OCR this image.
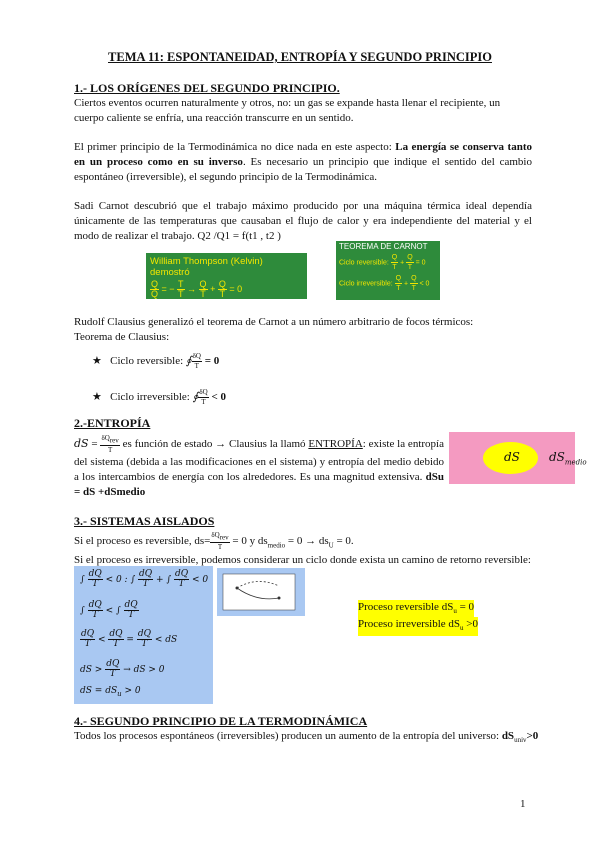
TEMA 11: ESPONTANEIDAD, ENTROPÍA Y SEGUNDO PRINCIPIO
1.- LOS ORÍGENES DEL SEGUNDO PRINCIPIO.
Ciertos eventos ocurren naturalmente y otros, no: un gas se expande hasta llenar el recipiente, un cuerpo caliente se enfría, una reacción transcurre en un sentido.
El primer principio de la Termodinámica no dice nada en este aspecto: La energía se conserva tanto en un proceso como en su inverso. Es necesario un principio que indique el sentido del cambio espontáneo (irreversible), el segundo principio de la Termodinámica.
Sadi Carnot descubrió que el trabajo máximo producido por una máquina térmica ideal dependía únicamente de las temperaturas que causaban el flujo de calor y era independiente del material y el modo de realizar el trabajo. Q2 /Q1 = f(t1 , t2 )
William Thompson (Kelvin) demostró
$\frac{Q}{Q}$ = − $\frac{T}{T} \to \frac{Q}{T} + \frac{Q}{T} = 0$
TEOREMA DE CARNOT
Ciclo reversible: $\frac{Q}{T} + \frac{Q}{T} = 0$
Ciclo irreversible: $\frac{Q}{T} + \frac{Q}{T} < 0$
Rudolf Clausius generalizó el teorema de Carnot a un número arbitrario de focos térmicos:
Teorema de Clausius:
★ Ciclo reversible: ∮ $\frac{\delta Q}{T} = 0$
★ Ciclo irreversible: ∮ $\frac{\delta Q}{T} < 0$
2.-ENTROPÍA
dS = $\frac{\delta Q_{rev}}{T}$ es función de estado → Clausius la llamó ENTROPÍA: existe la entropía del sistema (debida a las modificaciones en el sistema) y entropía del medio debido a los intercambios de energía con los alrededores. Es una magnitud extensiva. dSu = dS +dSmedio
dS $dS_{medio}$
3.- SISTEMAS AISLADOS
Si el proceso es reversible, $ds= \frac{\delta Q_{rev}}{T} = 0$ y $ds_{medio} = 0 \to ds_U = 0$.
Si el proceso es irreversible, podemos considerar un ciclo donde exista un camino de retorno reversible:
∫ $\frac{dQ}{T} < 0$ : ∫ $\frac{dQ}{T}$ + ∫ $\frac{dQ}{T} < 0$
∫ $\frac{dQ}{T}$ < ∫ $\frac{dQ}{T}$
$\frac{dQ}{T} < \frac{dQ}{T} = \frac{dQ}{T}$ < dS
dS > $\frac{dQ}{T}$ → dS > 0
dS = $dS_u > 0$
Proceso reversible $dS_u = 0$
Proceso irreversible $dS_u >0$
4.- SEGUNDO PRINCIPIO DE LA TERMODINÁMICA
Todos los procesos espontáneos (irreversibles) producen un aumento de la entropía del universo: $dS_{univ}>0$
1
